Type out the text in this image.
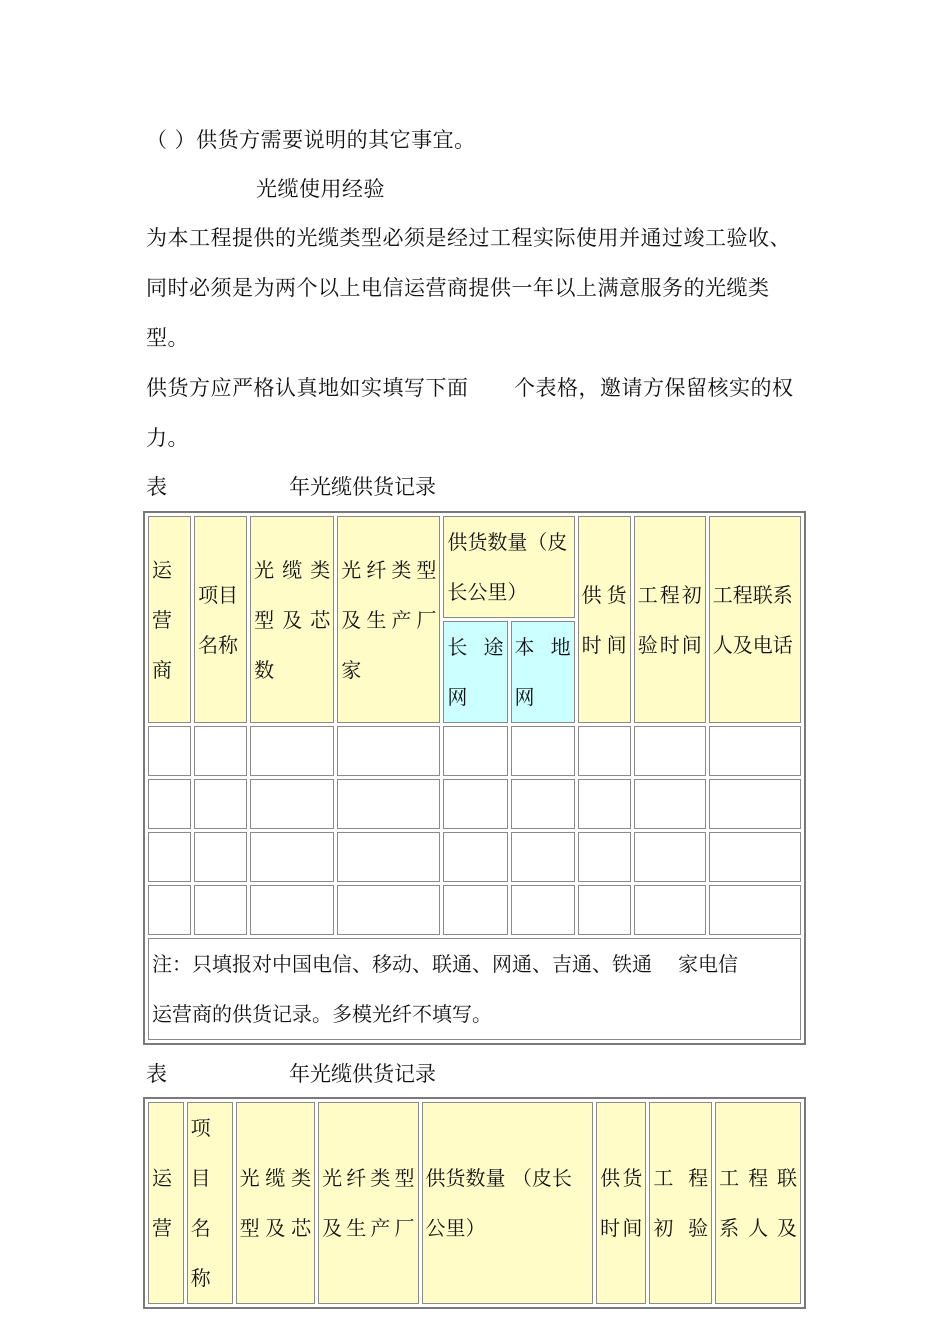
（ ）供货方需要说明的其它事宜。
光缆使用经验
为本工程提供的光缆类型必须是经过工程实际使用并通过竣工验收、
同时必须是为两个以上电信运营商提供一年以上满意服务的光缆类
型。
供货方应严格认真地如实填写下面 个表格，邀请方保留核实的权
力。
表	年光缆供货记录
运营商	项目名称	光缆类型及芯数	光纤类型及生产厂家	供货数量（皮长公里）		供货时间	工程初验时间	工程联系人及电话
				长途网	本地网			

注：只填报对中国电信、移动、联通、网通、吉通、铁通 家电信
运营商的供货记录。多模光纤不填写。								
表	年光缆供货记录
运营	项目名称	光缆类型及芯	光纤类型及生产厂	供货数量 （皮长公里）	供货时间	工 程初 验	工程联系人及
